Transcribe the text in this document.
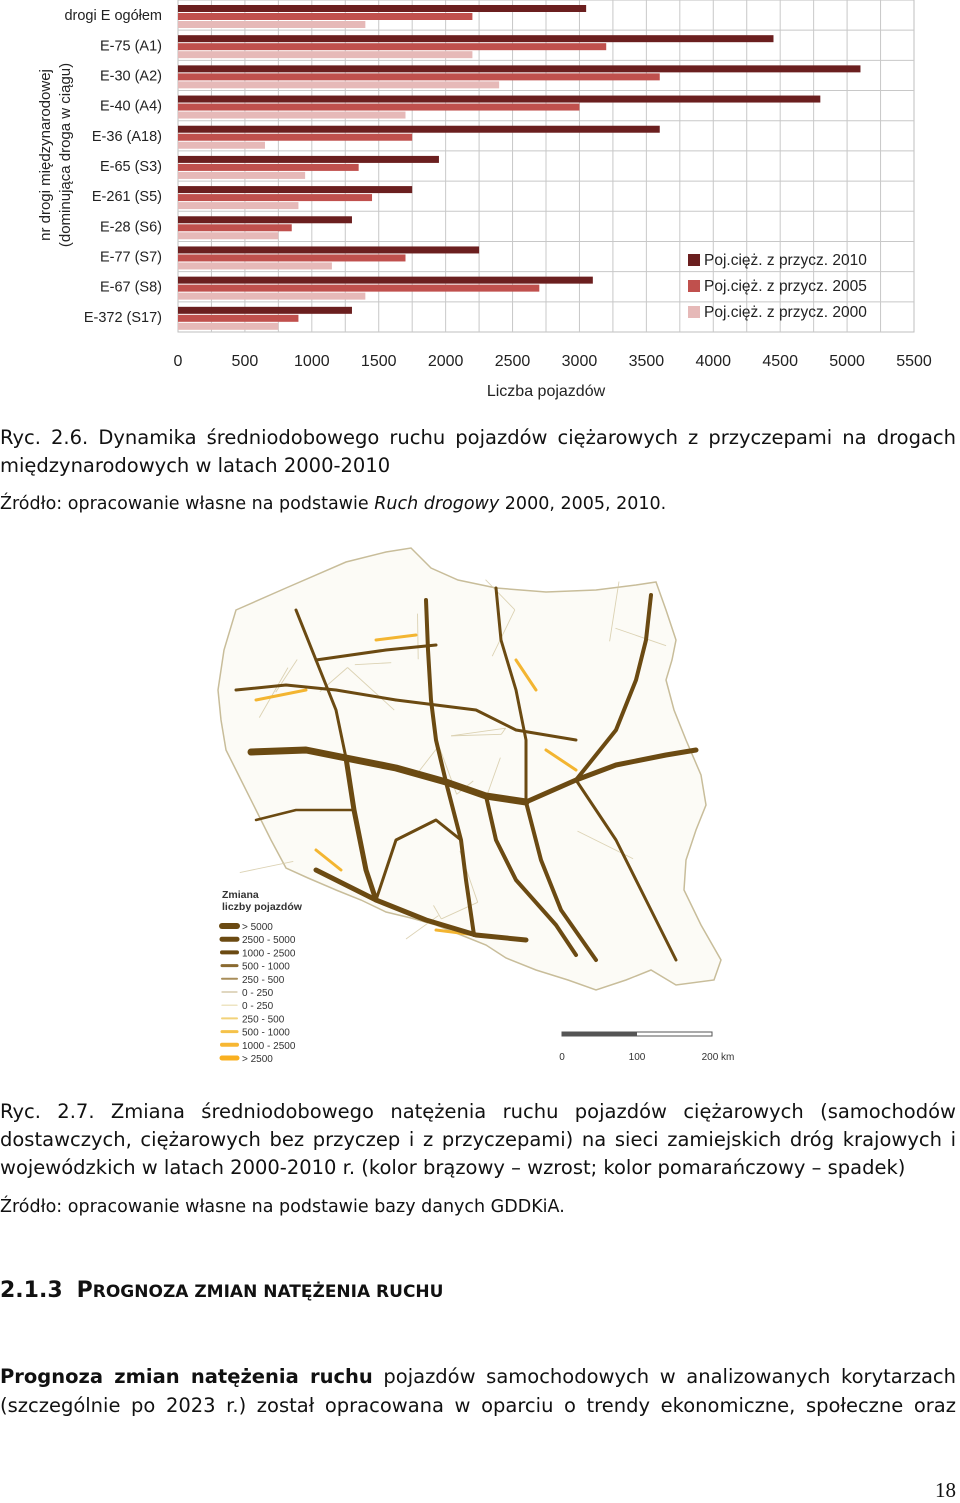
drogi E ogółem
E-75 (A1)
E-30 (A2)
E-40 (A4)
E-36 (A18)
E-65 (S3)
E-261 (S5)
E-28 (S6)
E-77 (S7)
E-67 (S8)
E-372 (S17)
0	500 1000 1500 2000 2500 3000 3500 4000 4500 5000 5500
Poj.cięż. z przycz. 2010
Poj.cięż. z przycz. 2005
Poj.cięż. z przycz. 2000
nr drogi międzynarodowej (dominująca droga w ciągu)
Liczba pojazdów
Ryc. 2.6. Dynamika średniodobowego ruchu pojazdów ciężarowych z przyczepami na drogach międzynarodowych w latach 2000-2010
Źródło: opracowanie własne na podstawie Ruch drogowy 2000, 2005, 2010.
Zmiana
liczby pojazdów
> 5000
2500 - 5000
1000 - 2500
500 - 1000
250 - 500
0 - 250
0 - 250
250 - 500
500 - 1000
1000 - 2500
> 2500	0	100	200 km
Ryc. 2.7. Zmiana średniodobowego natężenia ruchu pojazdów ciężarowych (samochodów dostawczych, ciężarowych bez przyczep i z przyczepami) na sieci zamiejskich dróg krajowych i wojewódzkich w latach 2000-2010 r. (kolor brązowy – wzrost; kolor pomarańczowy – spadek)
Źródło: opracowanie własne na podstawie bazy danych GDDKiA.
2.1.3 PROGNOZA ZMIAN NATĘŻENIA RUCHU
Prognoza zmian natężenia ruchu pojazdów samochodowych w analizowanych korytarzach (szczególnie po 2023 r.) został opracowana w oparciu o trendy ekonomiczne, społeczne oraz
18
